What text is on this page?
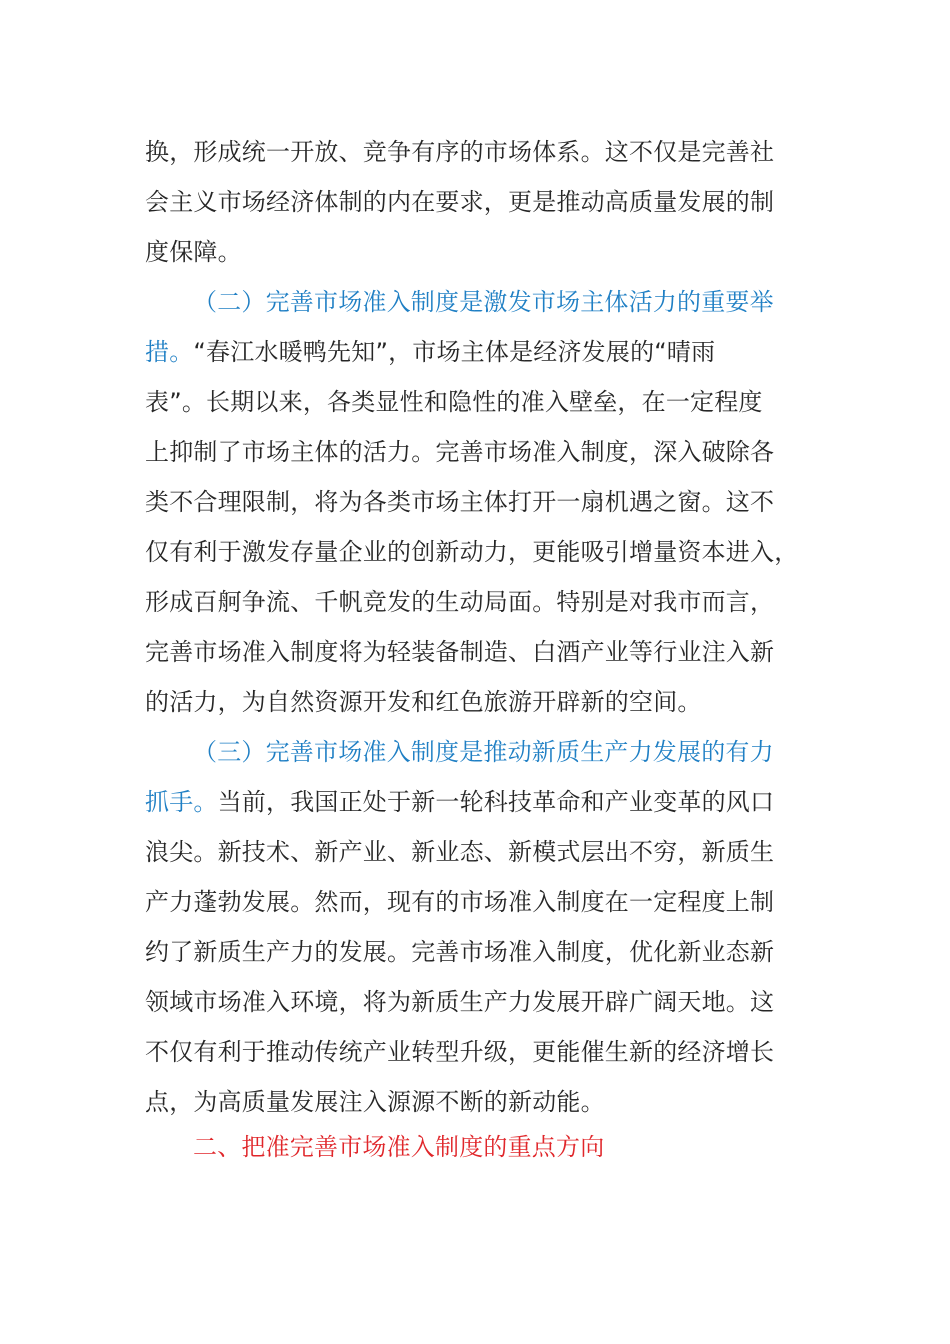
换，形成统一开放、竞争有序的市场体系。这不仅是完善社
会主义市场经济体制的内在要求，更是推动高质量发展的制
度保障。
（二）完善市场准入制度是激发市场主体活力的重要举
措。“春江水暖鸭先知”，市场主体是经济发展的“晴雨
表”。长期以来，各类显性和隐性的准入壁垒，在一定程度
上抑制了市场主体的活力。完善市场准入制度，深入破除各
类不合理限制，将为各类市场主体打开一扇机遇之窗。这不
仅有利于激发存量企业的创新动力，更能吸引增量资本进入，
形成百舸争流、千帆竞发的生动局面。特别是对我市而言，
完善市场准入制度将为轻装备制造、白酒产业等行业注入新
的活力，为自然资源开发和红色旅游开辟新的空间。
（三）完善市场准入制度是推动新质生产力发展的有力
抓手。当前，我国正处于新一轮科技革命和产业变革的风口
浪尖。新技术、新产业、新业态、新模式层出不穷，新质生
产力蓬勃发展。然而，现有的市场准入制度在一定程度上制
约了新质生产力的发展。完善市场准入制度，优化新业态新
领域市场准入环境，将为新质生产力发展开辟广阔天地。这
不仅有利于推动传统产业转型升级，更能催生新的经济增长
点，为高质量发展注入源源不断的新动能。
二、把准完善市场准入制度的重点方向
